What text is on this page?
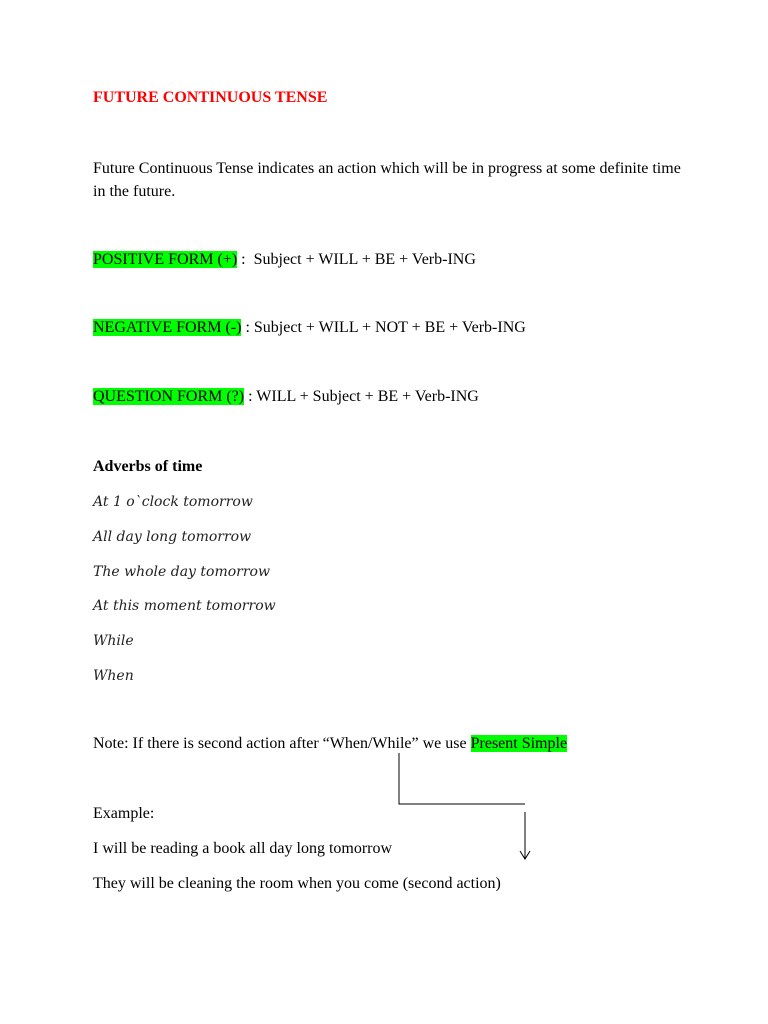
FUTURE CONTINUOUS TENSE
Future Continuous Tense indicates an action which will be in progress at some definite time in the future.
POSITIVE FORM (+) :  Subject + WILL + BE + Verb-ING
NEGATIVE FORM (-) : Subject + WILL + NOT + BE + Verb-ING
QUESTION FORM (?) : WILL + Subject + BE + Verb-ING
Adverbs of time
At 1 o`clock tomorrow
All day long tomorrow
The whole day tomorrow
At this moment tomorrow
While
When
Note: If there is second action after “When/While” we use Present Simple
Example:
I will be reading a book all day long tomorrow
They will be cleaning the room when you come (second action)
